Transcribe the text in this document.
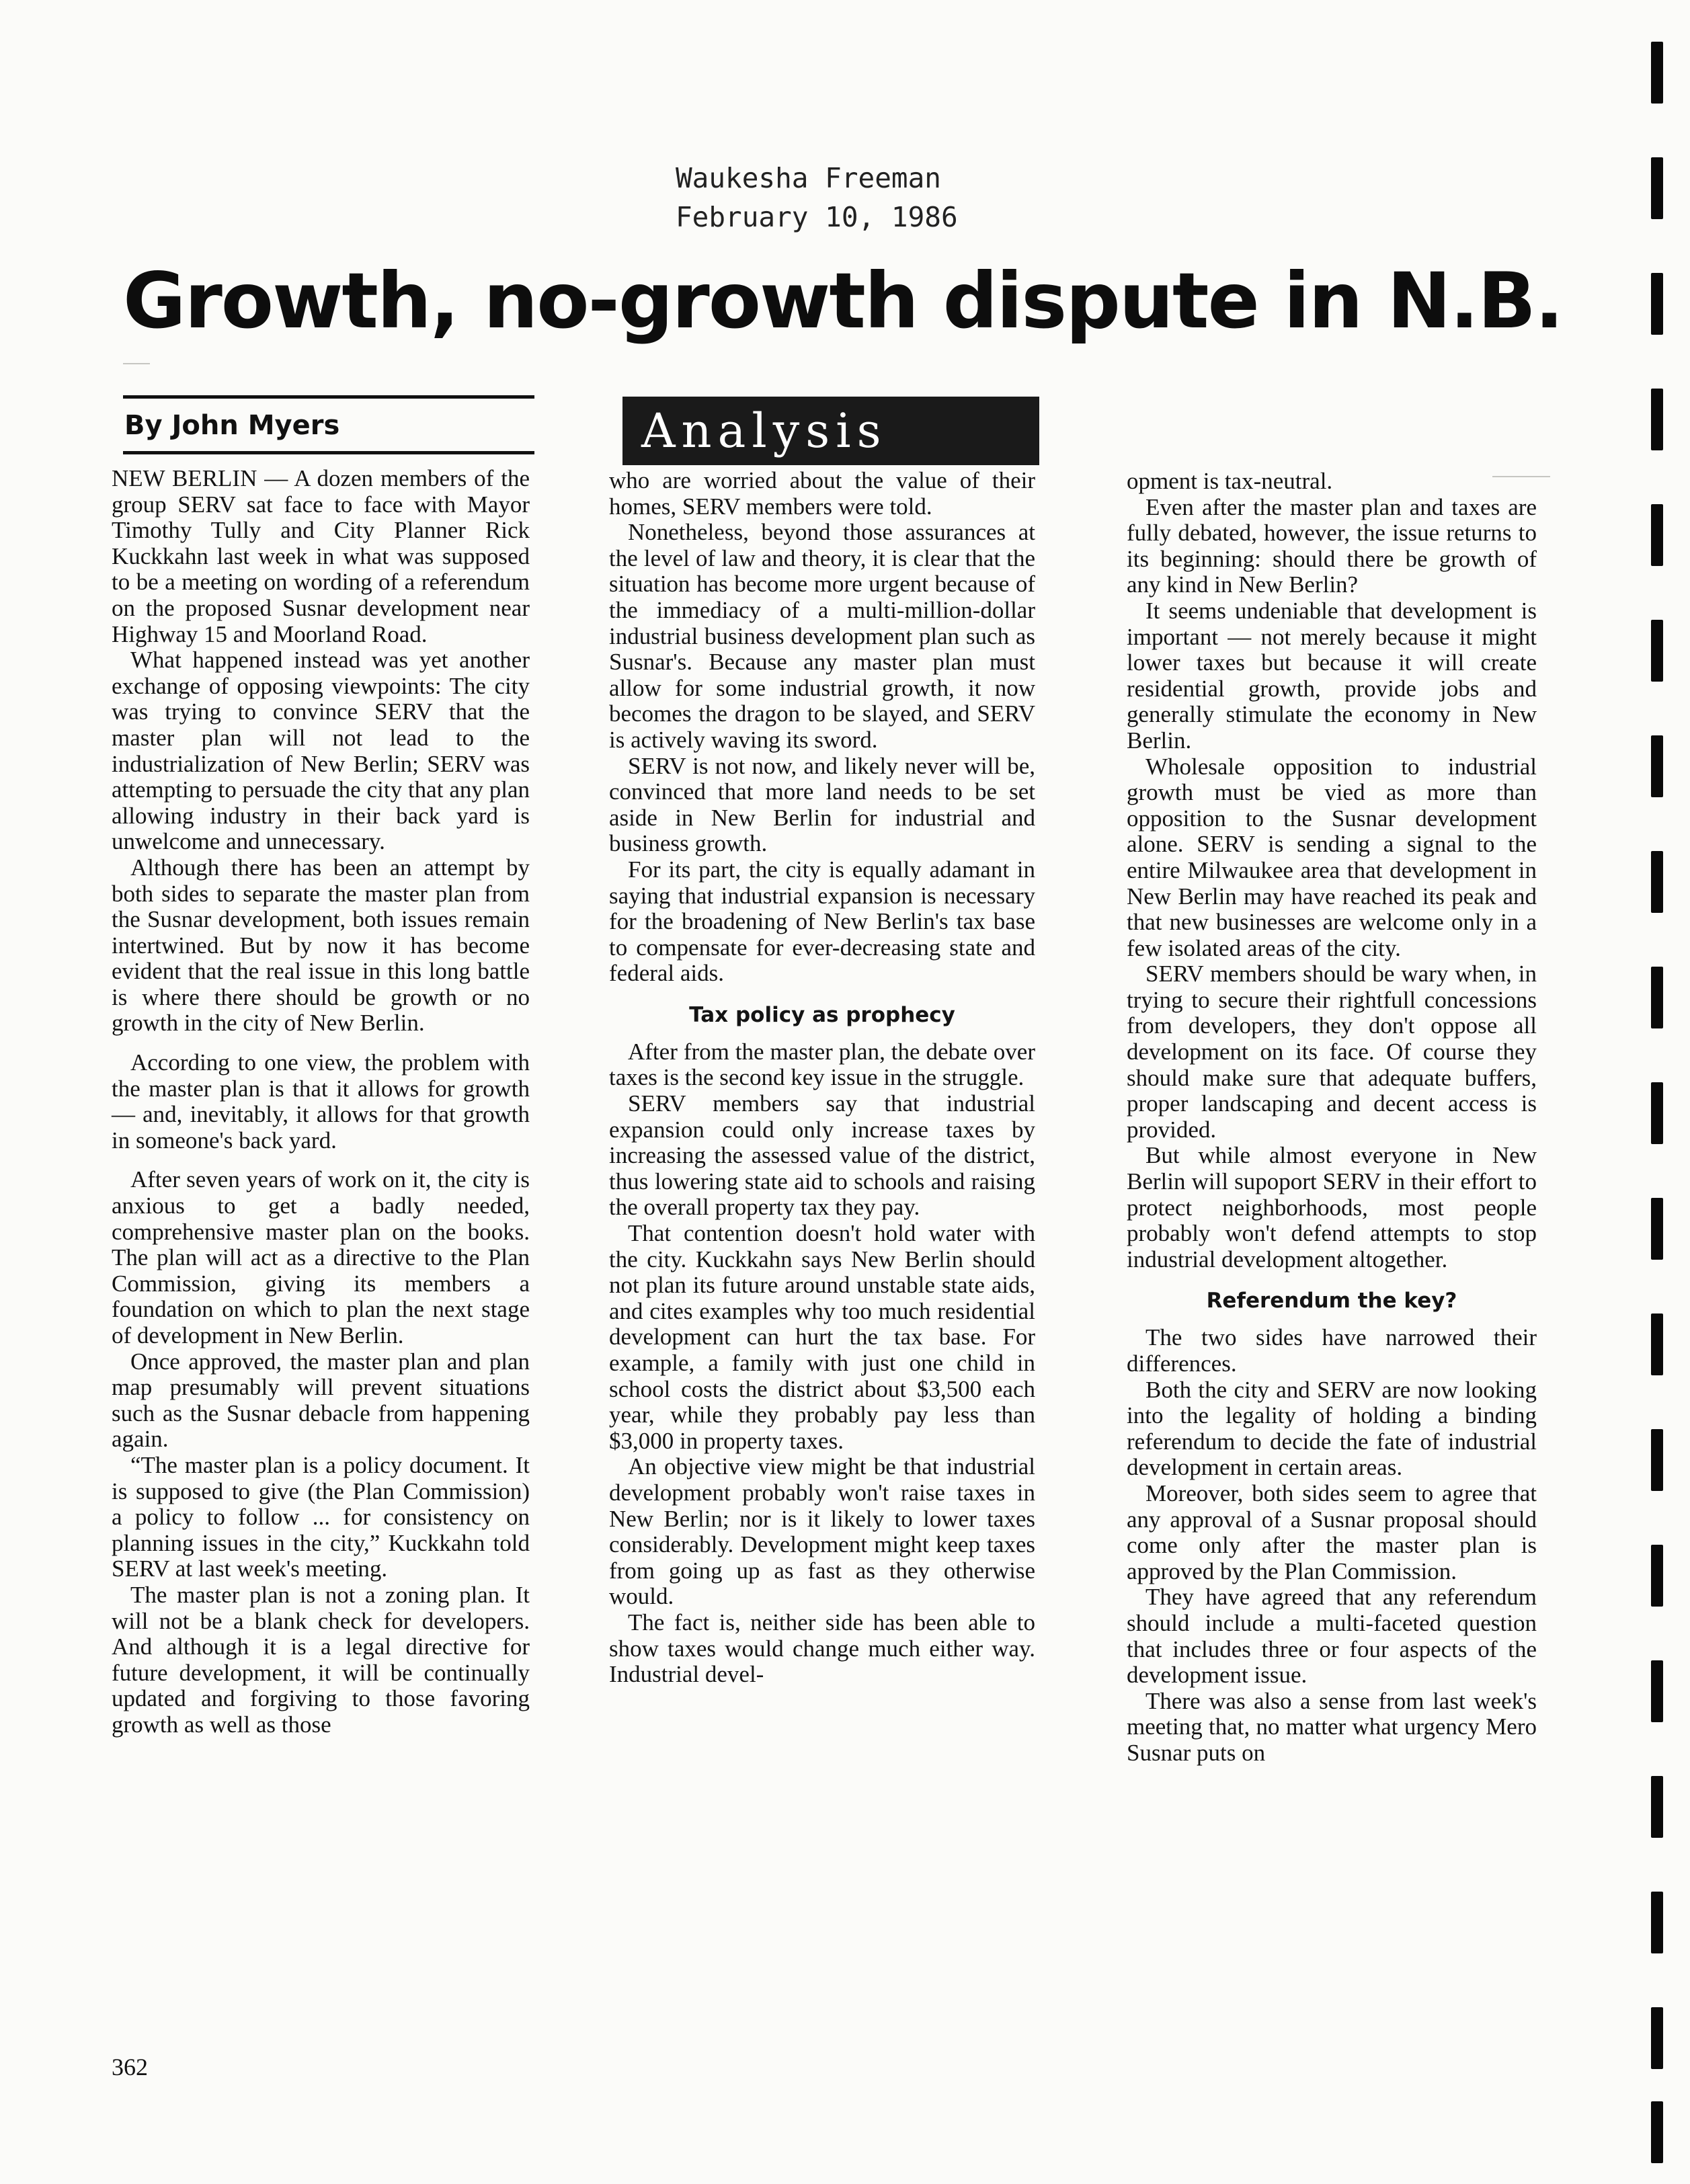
Waukesha Freeman
February 10, 1986
Growth, no-growth dispute in N.B.
By John Myers	Analysis

NEW BERLIN — A dozen members of the group SERV sat face to face with Mayor Timothy Tully and City Planner Rick Kuckkahn last week in what was supposed to be a meeting on wording of a referendum on the proposed Susnar development near Highway 15 and Moorland Road.

What happened instead was yet another exchange of opposing viewpoints: The city was trying to convince SERV that the master plan will not lead to the industrialization of New Berlin; SERV was attempting to persuade the city that any plan allowing industry in their back yard is unwelcome and unnecessary.

Although there has been an attempt by both sides to separate the master plan from the Susnar development, both issues remain intertwined. But by now it has become evident that the real issue in this long battle is where there should be growth or no growth in the city of New Berlin.

According to one view, the problem with the master plan is that it allows for growth — and, inevitably, it allows for that growth in someone's back yard.

After seven years of work on it, the city is anxious to get a badly needed, comprehensive master plan on the books. The plan will act as a directive to the Plan Commission, giving its members a foundation on which to plan the next stage of development in New Berlin.

Once approved, the master plan and plan map presumably will prevent situations such as the Susnar debacle from happening again.

“The master plan is a policy document. It is supposed to give (the Plan Commission) a policy to follow ... for consistency on planning issues in the city,” Kuckkahn told SERV at last week's meeting.

The master plan is not a zoning plan. It will not be a blank check for developers. And although it is a legal directive for future development, it will be continually updated and forgiving to those favoring growth as well as those

who are worried about the value of their homes, SERV members were told.

Nonetheless, beyond those assurances at the level of law and theory, it is clear that the situation has become more urgent because of the immediacy of a multi-million-dollar industrial business development plan such as Susnar's. Because any master plan must allow for some industrial growth, it now becomes the dragon to be slayed, and SERV is actively waving its sword.

SERV is not now, and likely never will be, convinced that more land needs to be set aside in New Berlin for industrial and business growth.

For its part, the city is equally adamant in saying that industrial expansion is necessary for the broadening of New Berlin's tax base to compensate for ever-decreasing state and federal aids.

Tax policy as prophecy

After from the master plan, the debate over taxes is the second key issue in the struggle.

SERV members say that industrial expansion could only increase taxes by increasing the assessed value of the district, thus lowering state aid to schools and raising the overall property tax they pay.

That contention doesn't hold water with the city. Kuckkahn says New Berlin should not plan its future around unstable state aids, and cites examples why too much residential development can hurt the tax base. For example, a family with just one child in school costs the district about $3,500 each year, while they probably pay less than $3,000 in property taxes.

An objective view might be that industrial development probably won't raise taxes in New Berlin; nor is it likely to lower taxes considerably. Development might keep taxes from going up as fast as they otherwise would.

The fact is, neither side has been able to show taxes would change much either way. Industrial devel-

opment is tax-neutral.

Even after the master plan and taxes are fully debated, however, the issue returns to its beginning: should there be growth of any kind in New Berlin?

It seems undeniable that development is important — not merely because it might lower taxes but because it will create residential growth, provide jobs and generally stimulate the economy in New Berlin.

Wholesale opposition to industrial growth must be vied as more than opposition to the Susnar development alone. SERV is sending a signal to the entire Milwaukee area that development in New Berlin may have reached its peak and that new businesses are welcome only in a few isolated areas of the city.

SERV members should be wary when, in trying to secure their rightfull concessions from developers, they don't oppose all development on its face. Of course they should make sure that adequate buffers, proper landscaping and decent access is provided.

But while almost everyone in New Berlin will supoport SERV in their effort to protect neighborhoods, most people probably won't defend attempts to stop industrial development altogether.

Referendum the key?

The two sides have narrowed their differences.

Both the city and SERV are now looking into the legality of holding a binding referendum to decide the fate of industrial development in certain areas.

Moreover, both sides seem to agree that any approval of a Susnar proposal should come only after the master plan is approved by the Plan Commission.

They have agreed that any referendum should include a multi-faceted question that includes three or four aspects of the development issue.

There was also a sense from last week's meeting that, no matter what urgency Mero Susnar puts on

362
